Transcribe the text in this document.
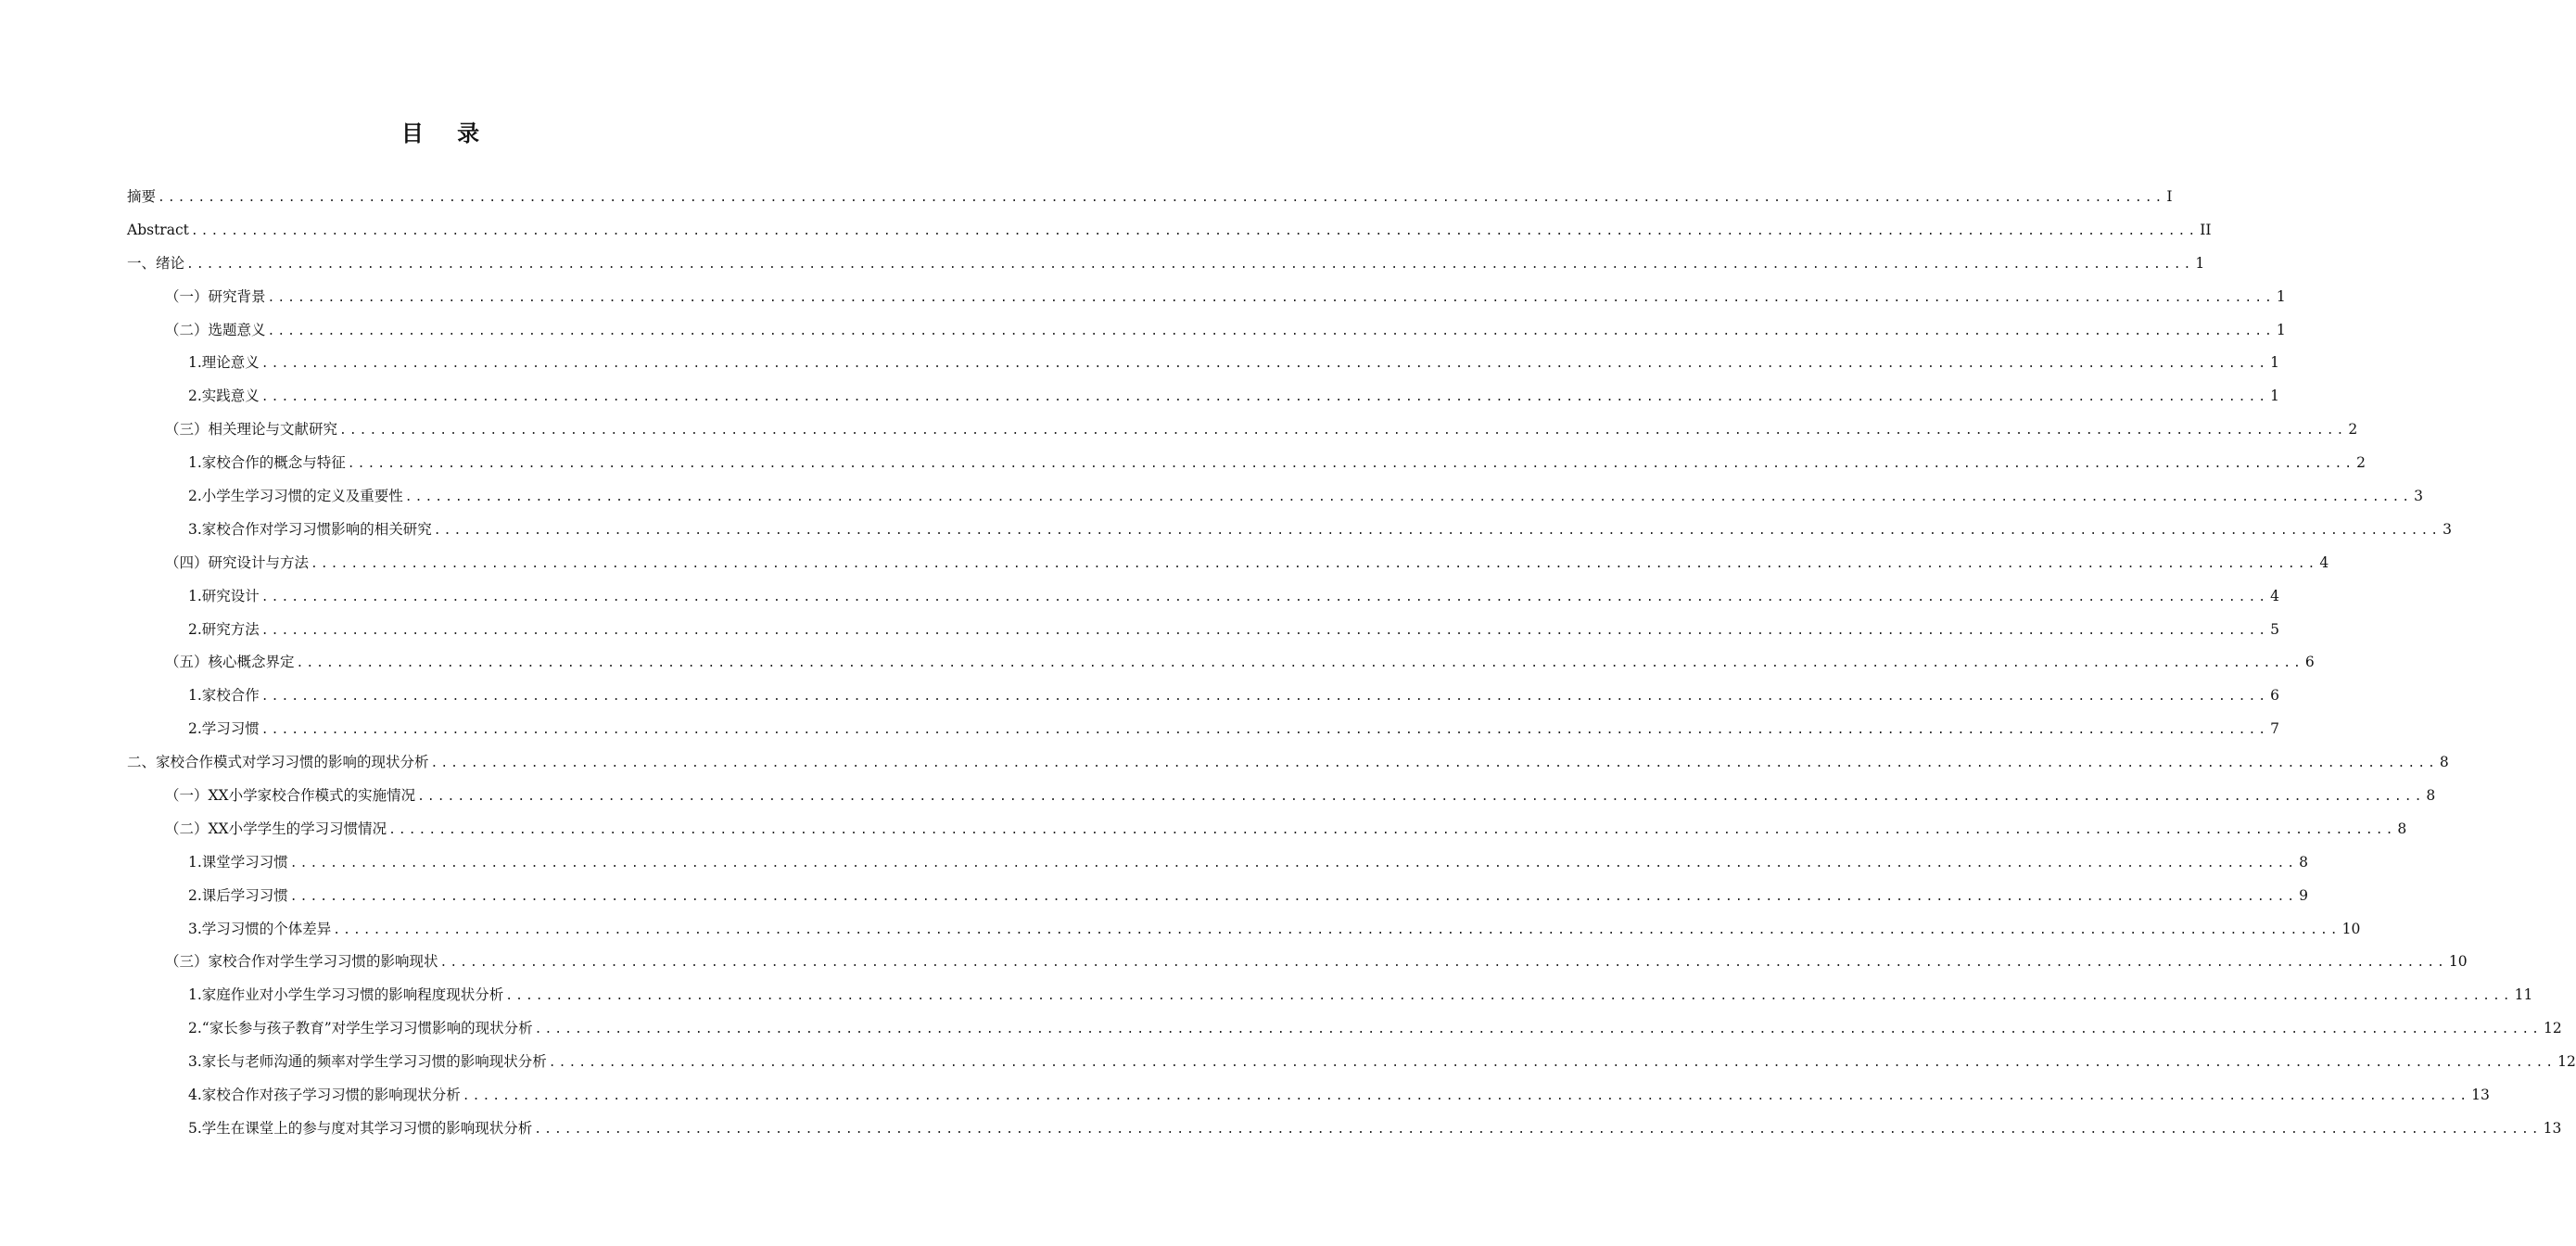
目 录
摘要 ........................................................................................................................................................................................................ I
Abstract ........................................................................................................................................................................................................ II
一、绪论 ........................................................................................................................................................................................................ 1
（一）研究背景 ........................................................................................................................................................................................................ 1
（二）选题意义 ........................................................................................................................................................................................................ 1
1.理论意义 ........................................................................................................................................................................................................ 1
2.实践意义 ........................................................................................................................................................................................................ 1
（三）相关理论与文献研究 ........................................................................................................................................................................................................ 2
1.家校合作的概念与特征 ........................................................................................................................................................................................................ 2
2.小学生学习习惯的定义及重要性 ........................................................................................................................................................................................................ 3
3.家校合作对学习习惯影响的相关研究 ........................................................................................................................................................................................................ 3
（四）研究设计与方法 ........................................................................................................................................................................................................ 4
1.研究设计 ........................................................................................................................................................................................................ 4
2.研究方法 ........................................................................................................................................................................................................ 5
（五）核心概念界定 ........................................................................................................................................................................................................ 6
1.家校合作 ........................................................................................................................................................................................................ 6
2.学习习惯 ........................................................................................................................................................................................................ 7
二、 家校合作模式对学习习惯的影响的现状分析 ........................................................................................................................................................................................................ 8
（一）XX小学家校合作模式的实施情况 ........................................................................................................................................................................................................ 8
（二）XX小学学生的学习习惯情况 ........................................................................................................................................................................................................ 8
1.课堂学习习惯 ........................................................................................................................................................................................................ 8
2.课后学习习惯 ........................................................................................................................................................................................................ 9
3.学习习惯的个体差异 ........................................................................................................................................................................................................ 10
（三）家校合作对学生学习习惯的影响现状 ........................................................................................................................................................................................................ 10
1.家庭作业对小学生学习习惯的影响程度现状分析 ........................................................................................................................................................................................................ 11
2.“家长参与孩子教育”对学生学习习惯影响的现状分析 ........................................................................................................................................................................................................ 12
3.家长与老师沟通的频率对学生学习习惯的影响现状分析 ........................................................................................................................................................................................................ 12
4.家校合作对孩子学习习惯的影响现状分析 ........................................................................................................................................................................................................ 13
5.学生在课堂上的参与度对其学习习惯的影响现状分析 ........................................................................................................................................................................................................ 13
